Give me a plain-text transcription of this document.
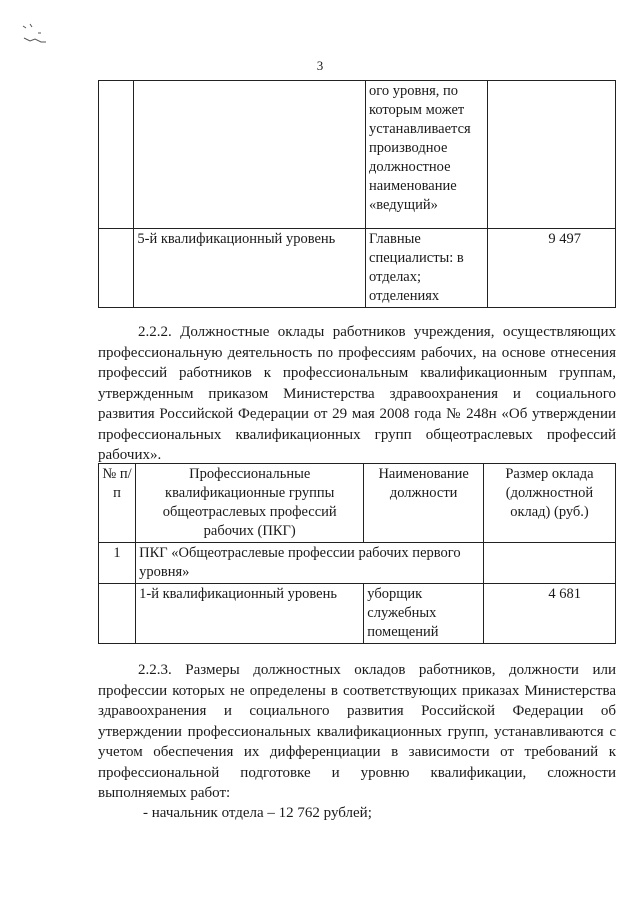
3
		ого уровня, по которым может устанавливается производное должностное наименование «ведущий»	
	5-й квалификационный уровень	Главные специалисты: в отделах; отделениях	9 497

2.2.2. Должностные оклады работников учреждения, осуществляющих профессиональную деятельность по профессиям рабочих, на основе отнесения профессий работников к профессиональным квалификационным группам, утвержденным приказом Министерства здравоохранения и социального развития Российской Федерации от 29 мая 2008 года № 248н «Об утверждении профессиональных квалификационных групп общеотраслевых профессий рабочих».

№ п/п	Профессиональные квалификационные группы общеотраслевых профессий рабочих (ПКГ)	Наименование должности	Размер оклада (должностной оклад) (руб.)
1	ПКГ «Общеотраслевые профессии рабочих первого уровня»		
	1-й квалификационный уровень	уборщик служебных помещений	4 681

2.2.3. Размеры должностных окладов работников, должности или профессии которых не определены в соответствующих приказах Министерства здравоохранения и социального развития Российской Федерации об утверждении профессиональных квалификационных групп, устанавливаются с учетом обеспечения их дифференциации в зависимости от требований к профессиональной подготовке и уровню квалификации, сложности выполняемых работ:

- начальник отдела – 12 762 рублей;
